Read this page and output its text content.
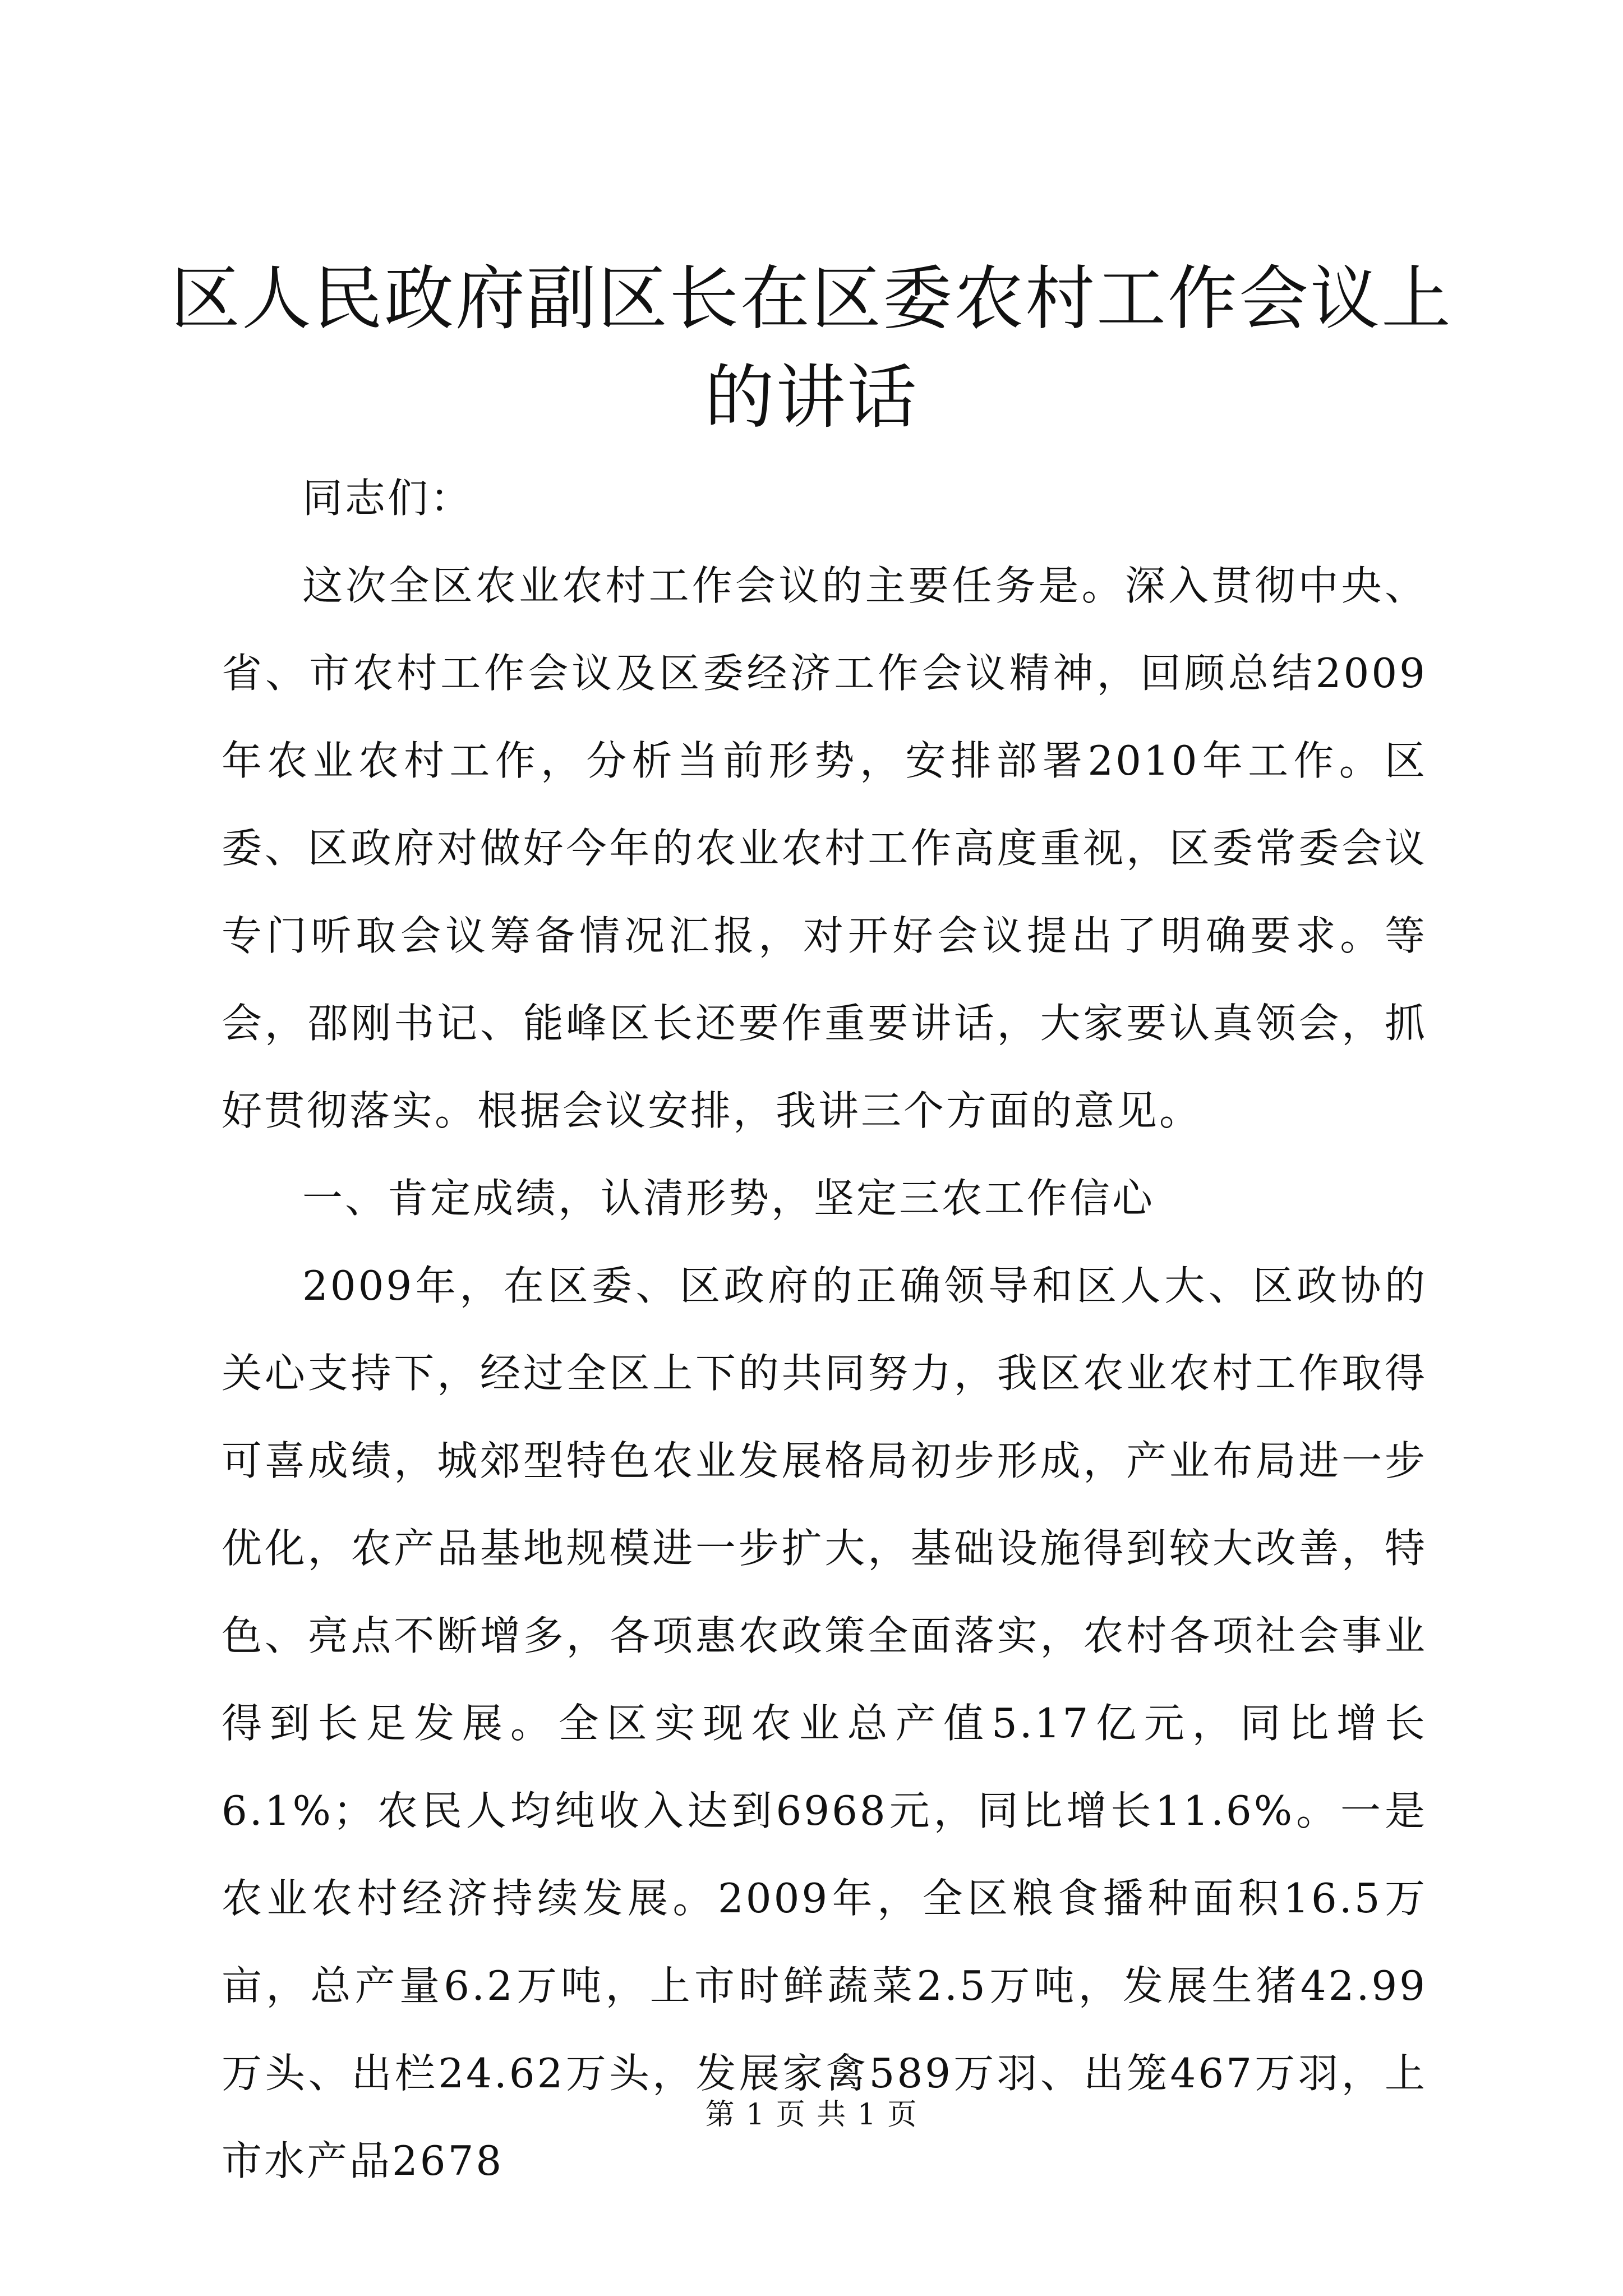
区人民政府副区长在区委农村工作会议上的讲话

同志们：

这次全区农业农村工作会议的主要任务是。深入贯彻中央、省、市农村工作会议及区委经济工作会议精神，回顾总结2009年农业农村工作，分析当前形势，安排部署2010年工作。区委、区政府对做好今年的农业农村工作高度重视，区委常委会议专门听取会议筹备情况汇报，对开好会议提出了明确要求。等会，邵刚书记、能峰区长还要作重要讲话，大家要认真领会，抓好贯彻落实。根据会议安排，我讲三个方面的意见。

一、肯定成绩，认清形势，坚定三农工作信心

2009年，在区委、区政府的正确领导和区人大、区政协的关心支持下，经过全区上下的共同努力，我区农业农村工作取得可喜成绩，城郊型特色农业发展格局初步形成，产业布局进一步优化，农产品基地规模进一步扩大，基础设施得到较大改善，特色、亮点不断增多，各项惠农政策全面落实，农村各项社会事业得到长足发展。全区实现农业总产值5.17亿元，同比增长6.1%；农民人均纯收入达到6968元，同比增长11.6%。一是农业农村经济持续发展。2009年，全区粮食播种面积16.5万亩，总产量6.2万吨，上市时鲜蔬菜2.5万吨，发展生猪42.99万头、出栏24.62万头，发展家禽589万羽、出笼467万羽，上市水产品2678

第 1 页 共 1 页
